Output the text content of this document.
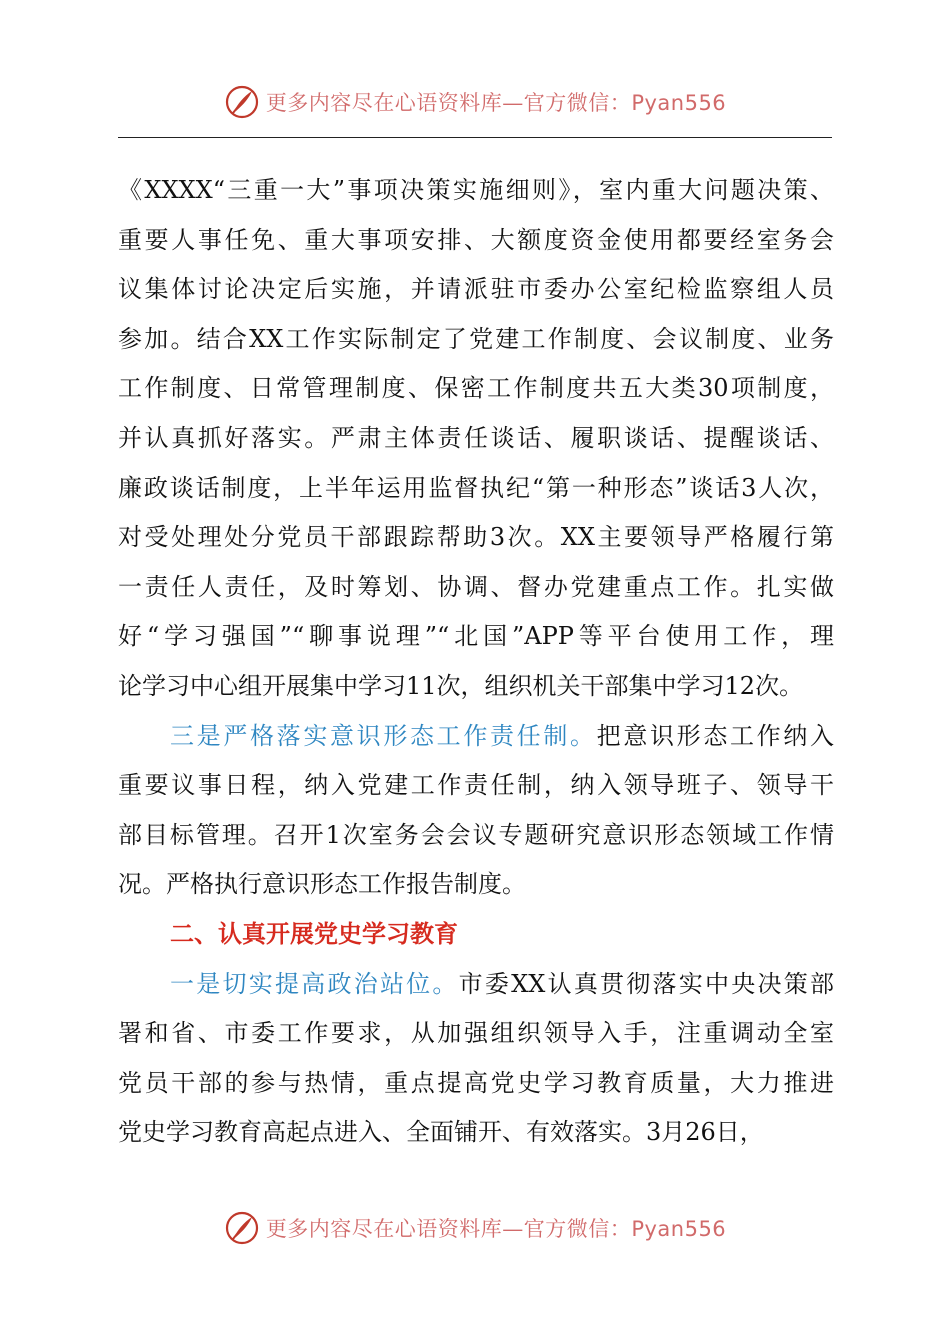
更多内容尽在心语资料库—官方微信：Pyan556
《XXXX“三重一大”事项决策实施细则》，室内重大问题决策、
重要人事任免、重大事项安排、大额度资金使用都要经室务会
议集体讨论决定后实施，并请派驻市委办公室纪检监察组人员
参加。结合XX工作实际制定了党建工作制度、会议制度、业务
工作制度、日常管理制度、保密工作制度共五大类30项制度，
并认真抓好落实。严肃主体责任谈话、履职谈话、提醒谈话、
廉政谈话制度，上半年运用监督执纪“第一种形态”谈话3人次，
对受处理处分党员干部跟踪帮助3次。XX主要领导严格履行第
一责任人责任，及时筹划、协调、督办党建重点工作。扎实做
好“学习强国”“聊事说理”“北国”APP等平台使用工作，理
论学习中心组开展集中学习11次，组织机关干部集中学习12次。
三是严格落实意识形态工作责任制。把意识形态工作纳入
重要议事日程，纳入党建工作责任制，纳入领导班子、领导干
部目标管理。召开1次室务会会议专题研究意识形态领域工作情
况。严格执行意识形态工作报告制度。
二、认真开展党史学习教育
一是切实提高政治站位。市委XX认真贯彻落实中央决策部
署和省、市委工作要求，从加强组织领导入手，注重调动全室
党员干部的参与热情，重点提高党史学习教育质量，大力推进
党史学习教育高起点进入、全面铺开、有效落实。3月26日，
更多内容尽在心语资料库—官方微信：Pyan556
